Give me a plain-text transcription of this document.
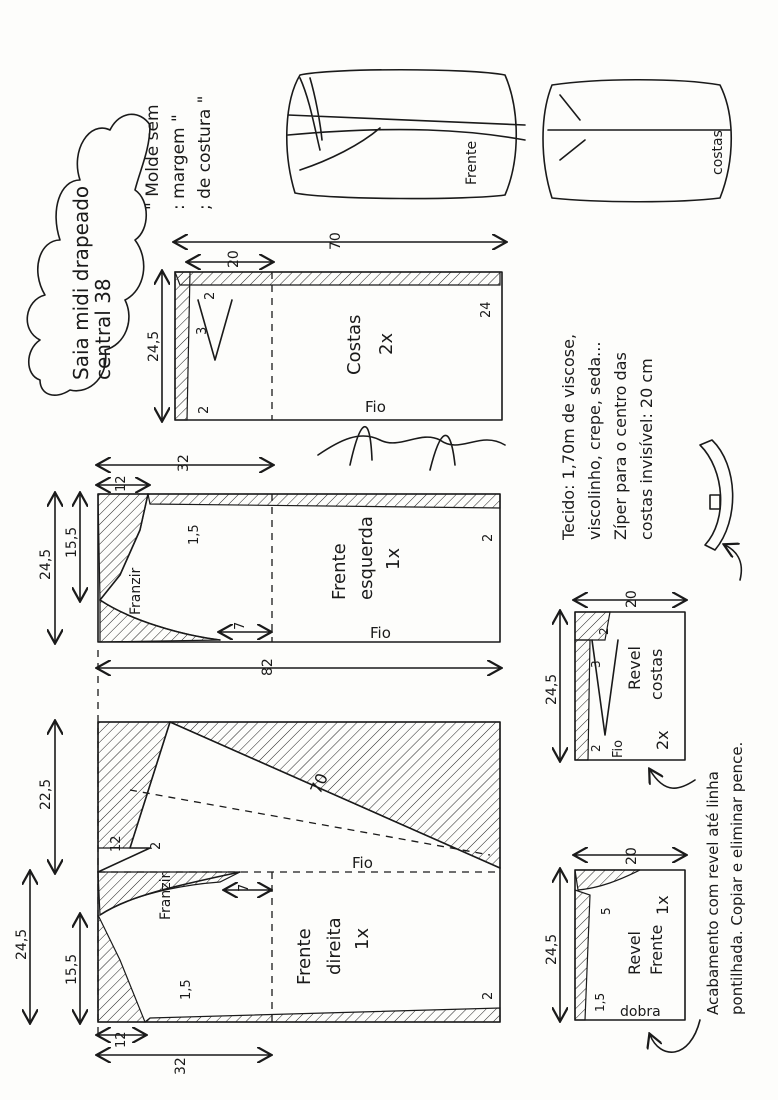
Saia midi drapeado
central 38
" Molde sem : margem " ; de costura "	Frente	costas
70
20
24,5
2
3
2
24
Costas 2x
Fio	Tecido: 1,70m de viscose, viscolinho, crepe, seda... Zíper para o centro das costas invisível: 20 cm
32
12
24,5
15,5
Franzir
7
1,5	2
Frente esquerda 1x
Fio
82
70
22,5
12 2
Franzir	7
24,5
15,5
1,5
12
32
2
Frente direita 1x
Fio
20
24,5
3
2
2
Revel costas
2x
Fio
20
24,5
5
1,5
Revel Frente
1x
dobra	Acabamento com revel até linha pontilhada. Copiar e eliminar pence.
